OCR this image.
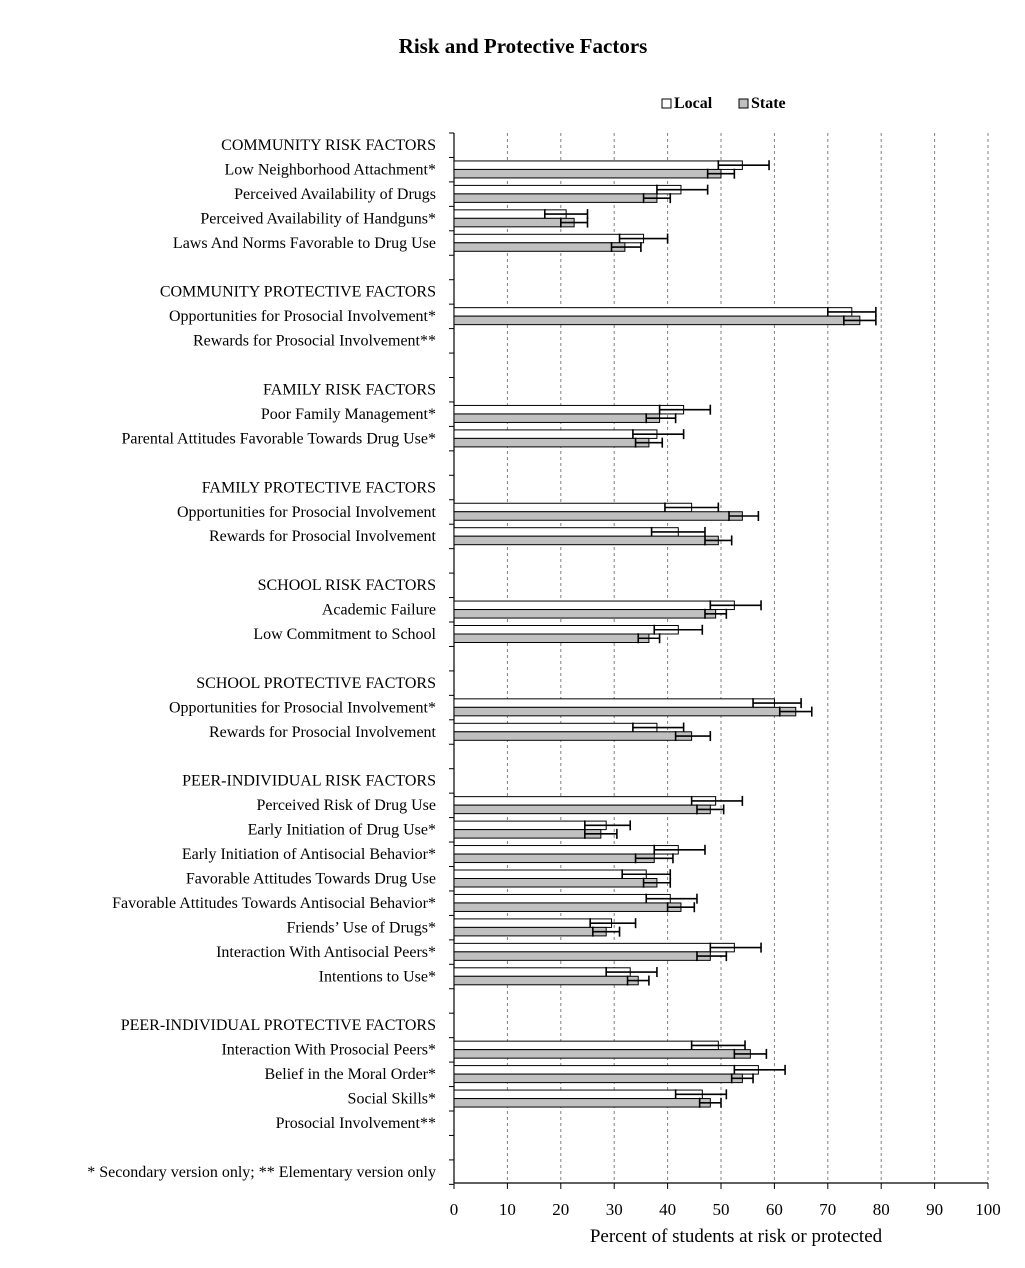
Risk and Protective Factors
0 10 20 30 40 50 60 70 80 90 100
Percent of students at risk or protected
COMMUNITY RISK FACTORS
Low Neighborhood Attachment*
Perceived Availability of Drugs
Perceived Availability of Handguns*
Laws And Norms Favorable to Drug Use
COMMUNITY PROTECTIVE FACTORS
Opportunities for Prosocial Involvement*
Rewards for Prosocial Involvement**
FAMILY RISK FACTORS
Poor Family Management*
Parental Attitudes Favorable Towards Drug Use*
FAMILY PROTECTIVE FACTORS
Opportunities for Prosocial Involvement
Rewards for Prosocial Involvement
SCHOOL RISK FACTORS
Academic Failure
Low Commitment to School
SCHOOL PROTECTIVE FACTORS
Opportunities for Prosocial Involvement*
Rewards for Prosocial Involvement
PEER-INDIVIDUAL RISK FACTORS
Perceived Risk of Drug Use
Early Initiation of Drug Use*
Early Initiation of Antisocial Behavior*
Favorable Attitudes Towards Drug Use
Favorable Attitudes Towards Antisocial Behavior*
Friends’ Use of Drugs*
Interaction With Antisocial Peers*
Intentions to Use*
PEER-INDIVIDUAL PROTECTIVE FACTORS
Interaction With Prosocial Peers*
Belief in the Moral Order*
Social Skills*
Prosocial Involvement**
* Secondary version only; ** Elementary version only
Local State
